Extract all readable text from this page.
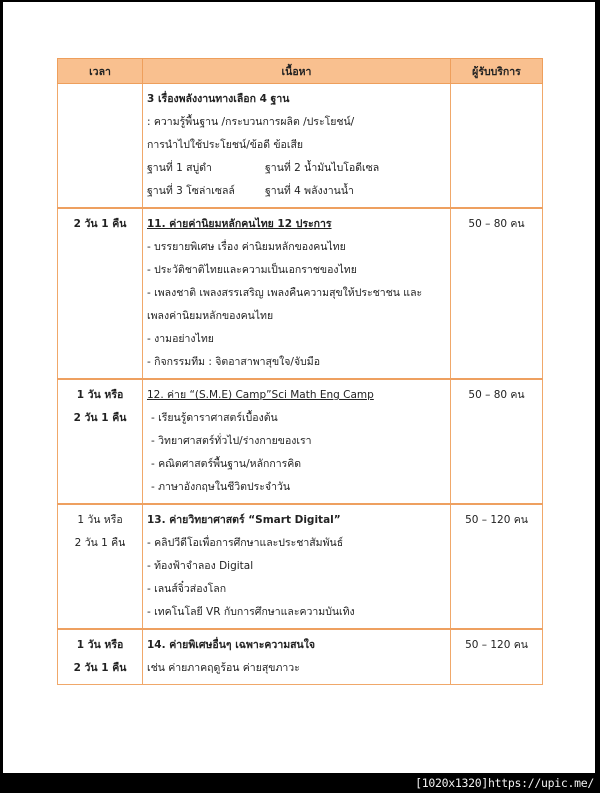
เวลา	เนื้อหา	ผู้รับบริการ

3 เรื่องพลังงานทางเลือก 4 ฐาน
: ความรู้พื้นฐาน /กระบวนการผลิต /ประโยชน์/
การนำไปใช้ประโยชน์/ข้อดี ข้อเสีย
ฐานที่ 1 สบู่ดำ	ฐานที่ 2 น้ำมันไบโอดีเซล
ฐานที่ 3 โซล่าเซลล์	ฐานที่ 4 พลังงานน้ำ

2 วัน 1 คืน	11. ค่ายค่านิยมหลักคนไทย 12 ประการ
- บรรยายพิเศษ เรื่อง ค่านิยมหลักของคนไทย
- ประวัติชาติไทยและความเป็นเอกราชของไทย
- เพลงชาติ เพลงสรรเสริญ เพลงคืนความสุขให้ประชาชน และ
เพลงค่านิยมหลักของคนไทย
- งามอย่างไทย
- กิจกรรมทีม : จิตอาสาพาสุขใจ/จับมือ
	50 – 80 คน

1 วัน หรือ
2 วัน 1 คืน	12. ค่าย “(S.M.E) Camp”Sci Math Eng Camp
- เรียนรู้ดาราศาสตร์เบื้องต้น
- วิทยาศาสตร์ทั่วไป/ร่างกายของเรา
- คณิตศาสตร์พื้นฐาน/หลักการคิด
- ภาษาอังกฤษในชีวิตประจำวัน	50 – 80 คน

1 วัน หรือ
2 วัน 1 คืน	13. ค่ายวิทยาศาสตร์ “Smart Digital”
- คลิปวีดีโอเพื่อการศึกษาและประชาสัมพันธ์
- ท้องฟ้าจำลอง Digital
- เลนส์จิ๋วส่องโลก
- เทคโนโลยี VR กับการศึกษาและความบันเทิง	50 – 120 คน

1 วัน หรือ
2 วัน 1 คืน	14. ค่ายพิเศษอื่นๆ เฉพาะความสนใจ
เช่น ค่ายภาคฤดูร้อน ค่ายสุขภาวะ	50 – 120 คน
[1020x1320]https://upic.me/
